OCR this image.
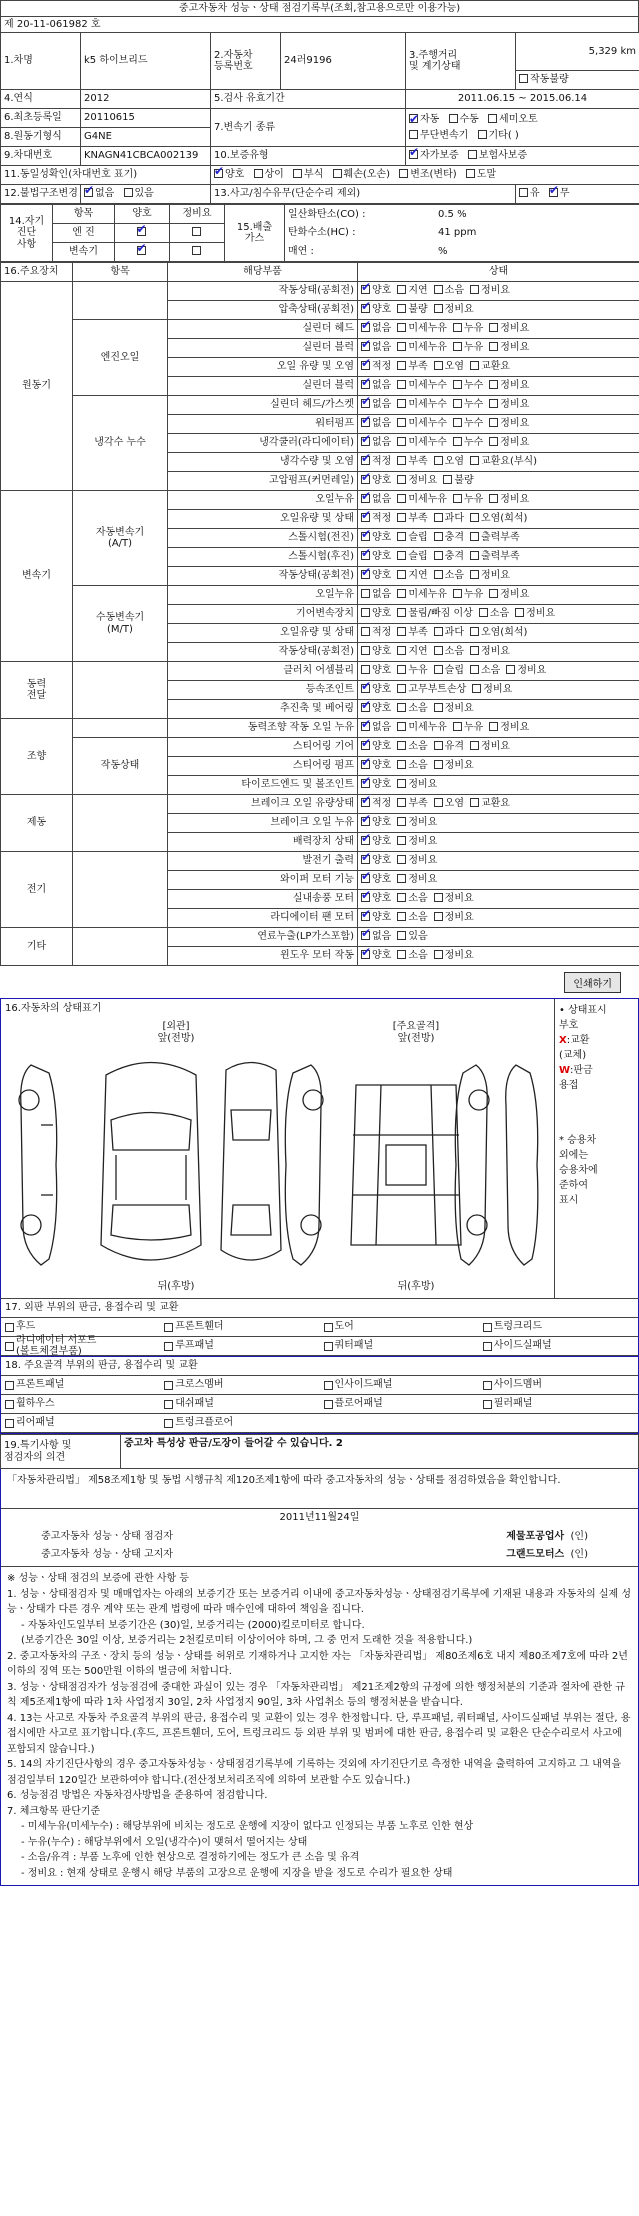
중고자동차 성능ㆍ상태 점검기록부(조회,참고용으로만 이용가능)
제 20-11-061982 호
1.차명	k5 하이브리드	2.자동차
등록번호	24러9196	3.주행거리
및 계기상태	5,329 km
					작동불량
4.연식	2012	5.검사 유효기간		2011.06.15 ~ 2015.06.14	
6.최초등록일	20110615	7.변속기 종류	✔자동 수동 세미오토
무단변속기 기타( )
8.원동기형식	G4NE				
9.차대번호	KNAGN41CBCA002139	10.보증유형	✔자가보증 보험사보증
11.동일성확인(차대번호 표기)	✔양호 상이 부식 훼손(오손) 변조(변타) 도말
12.불법구조변경	✔없음 있음	13.사고/침수유무(단순수리 제외)			유 ✔ 무
14.자기
진단
사항	항목	양호	정비요	15.배출
가스	일산화탄소(CO) : 0.5 %
	엔 진	✔			탄화수소(HC) : 41 ppm
	변속기	✔			매연 : %
16.주요장치	항목	해당부품	상태
원동기		작동상태(공회전)	✔양호 지연 소음 정비요
		압축상태(공회전)	✔양호 불량 정비요
	엔진오일	실린더 헤드	✔없음 미세누유 누유 정비요
		실린더 블럭	✔없음 미세누유 누유 정비요
		오일 유량 및 오염	✔적정 부족 오염 교환요
		실린더 블럭	✔없음 미세누수 누수 정비요
	냉각수 누수	실린더 헤드/가스켓	✔없음 미세누수 누수 정비요
		워터펌프	✔없음 미세누수 누수 정비요
		냉각쿨러(라디에이터)	✔없음 미세누수 누수 정비요
		냉각수량 및 오염	✔적정 부족 오염 교환요(부식)
		고압펌프(커먼레일)	✔양호 정비요 불량
변속기	자동변속기
(A/T)	오일누유	✔없음 미세누유 누유 정비요
		오일유량 및 상태	✔적정 부족 과다 오염(희석)
		스톨시험(전진)	✔양호 슬립 충격 출력부족
		스톨시험(후진)	✔양호 슬립 충격 출력부족
		작동상태(공회전)	✔양호 지연 소음 정비요
	수동변속기
(M/T)	오일누유	없음 미세누유 누유 정비요
		기어변속장치	양호 물림/빠짐 이상 소음 정비요
		오일유량 및 상태	적정 부족 과다 오염(희석)
		작동상태(공회전)	양호 지연 소음 정비요
동력
전달		클러치 어셈블리	양호 누유 슬립 소음 정비요
		등속조인트	✔양호 고무부트손상 정비요
		추진축 및 베어링	✔양호 소음 정비요
조향		동력조향 작동 오일 누유	✔없음 미세누유 누유 정비요
	작동상태	스티어링 기어	✔양호 소음 유격 정비요
		스티어링 펌프	✔양호 소음 정비요
		타이로드엔드 및 볼조인트	✔양호 정비요
제동		브레이크 오일 유량상태	✔적정 부족 오염 교환요
		브레이크 오일 누유	✔양호 정비요
		배력장치 상태	✔양호 정비요
전기		발전기 출력	✔양호 정비요
		와이퍼 모터 기능	✔양호 정비요
		실내송풍 모터	✔양호 소음 정비요
		라디에이터 팬 모터	✔양호 소음 정비요
기타		연료누출(LP가스포함)	✔없음 있음
		윈도우 모터 작동	✔양호 소음 정비요
인쇄하기
16.자동차의 상태표기
[외관]
앞(전방)
[주요골격]
앞(전방)
뒤(후방)	뒤(후방)
• 상태표시
부호
X:교환
(교체)
W:판금
용접
* 승용차
외에는
승용차에
준하여
표시
17. 외판 부위의 판금, 용접수리 및 교환
후드	프론트휀더	도어	트렁크리드
라디에이터 서포트
(볼트체결부품)
루프패널	쿼터패널	사이드실패널
18. 주요골격 부위의 판금, 용접수리 및 교환
프론트패널	크로스멤버	인사이드패널	사이드멤버
휠하우스	대쉬패널	플로어패널	필러패널
리어패널	트렁크플로어
19.특기사항 및
점검자의 의견	중고차 특성상 판금/도장이 들어갈 수 있습니다. 2
「자동차관리법」 제58조제1항 및 동법 시행규칙 제120조제1항에 따라 중고자동차의 성능ㆍ상태를 점검하였음을 확인합니다.
2011년11월24일
중고자동차 성능ㆍ상태 점검자	제물포공업사 (인)
중고자동차 성능ㆍ상태 고지자	그랜드모터스 (인)

※ 성능ㆍ상태 점검의 보증에 관한 사항 등

1. 성능ㆍ상태점검자 및 매매업자는 아래의 보증기간 또는 보증거리 이내에 중고자동차성능ㆍ상태점검기록부에 기재된 내용과 자동차의 실제 성능ㆍ상태가 다른 경우 계약 또는 관계 법령에 따라 매수인에 대하여 책임을 집니다.

- 자동차인도일부터 보증기간은 (30)일, 보증거리는 (2000)킬로미터로 합니다.

(보증기간은 30일 이상, 보증거리는 2천킬로미터 이상이어야 하며, 그 중 먼저 도래한 것을 적용합니다.)

2. 중고자동차의 구조ㆍ장치 등의 성능ㆍ상태를 허위로 기재하거나 고지한 자는 「자동차관리법」 제80조제6호 내지 제80조제7호에 따라 2년 이하의 징역 또는 500만원 이하의 벌금에 처합니다.

3. 성능ㆍ상태점검자가 성능점검에 중대한 과실이 있는 경우 「자동차관리법」 제21조제2항의 규정에 의한 행정처분의 기준과 절차에 관한 규칙 제5조제1항에 따라 1차 사업정지 30일, 2차 사업정지 90일, 3차 사업취소 등의 행정처분을 받습니다.

4. 13는 사고로 자동차 주요골격 부위의 판금, 용접수리 및 교환이 있는 경우 한정합니다. 단, 루프패널, 쿼터패널, 사이드실패널 부위는 절단, 용접시에만 사고로 표기합니다.(후드, 프론트휀더, 도어, 트렁크리드 등 외판 부위 및 범퍼에 대한 판금, 용접수리 및 교환은 단순수리로서 사고에 포함되지 않습니다.)

5. 14의 자기진단사항의 경우 중고자동차성능ㆍ상태점검기록부에 기록하는 것외에 자기진단기로 측정한 내역을 출력하여 고지하고 그 내역을 점검일부터 120일간 보관하여야 합니다.(전산정보처리조직에 의하여 보관할 수도 있습니다.)

6. 성능점검 방법은 자동차검사방법을 준용하여 점검합니다.

7. 체크항목 판단기준

- 미세누유(미세누수) : 해당부위에 비치는 정도로 운행에 지장이 없다고 인정되는 부품 노후로 인한 현상

- 누유(누수) : 해당부위에서 오일(냉각수)이 맺혀서 떨어지는 상태

- 소음/유격 : 부품 노후에 인한 현상으로 결정하기에는 정도가 큰 소음 및 유격

- 정비요 : 현재 상태로 운행시 해당 부품의 고장으로 운행에 지장을 받을 정도로 수리가 필요한 상태
